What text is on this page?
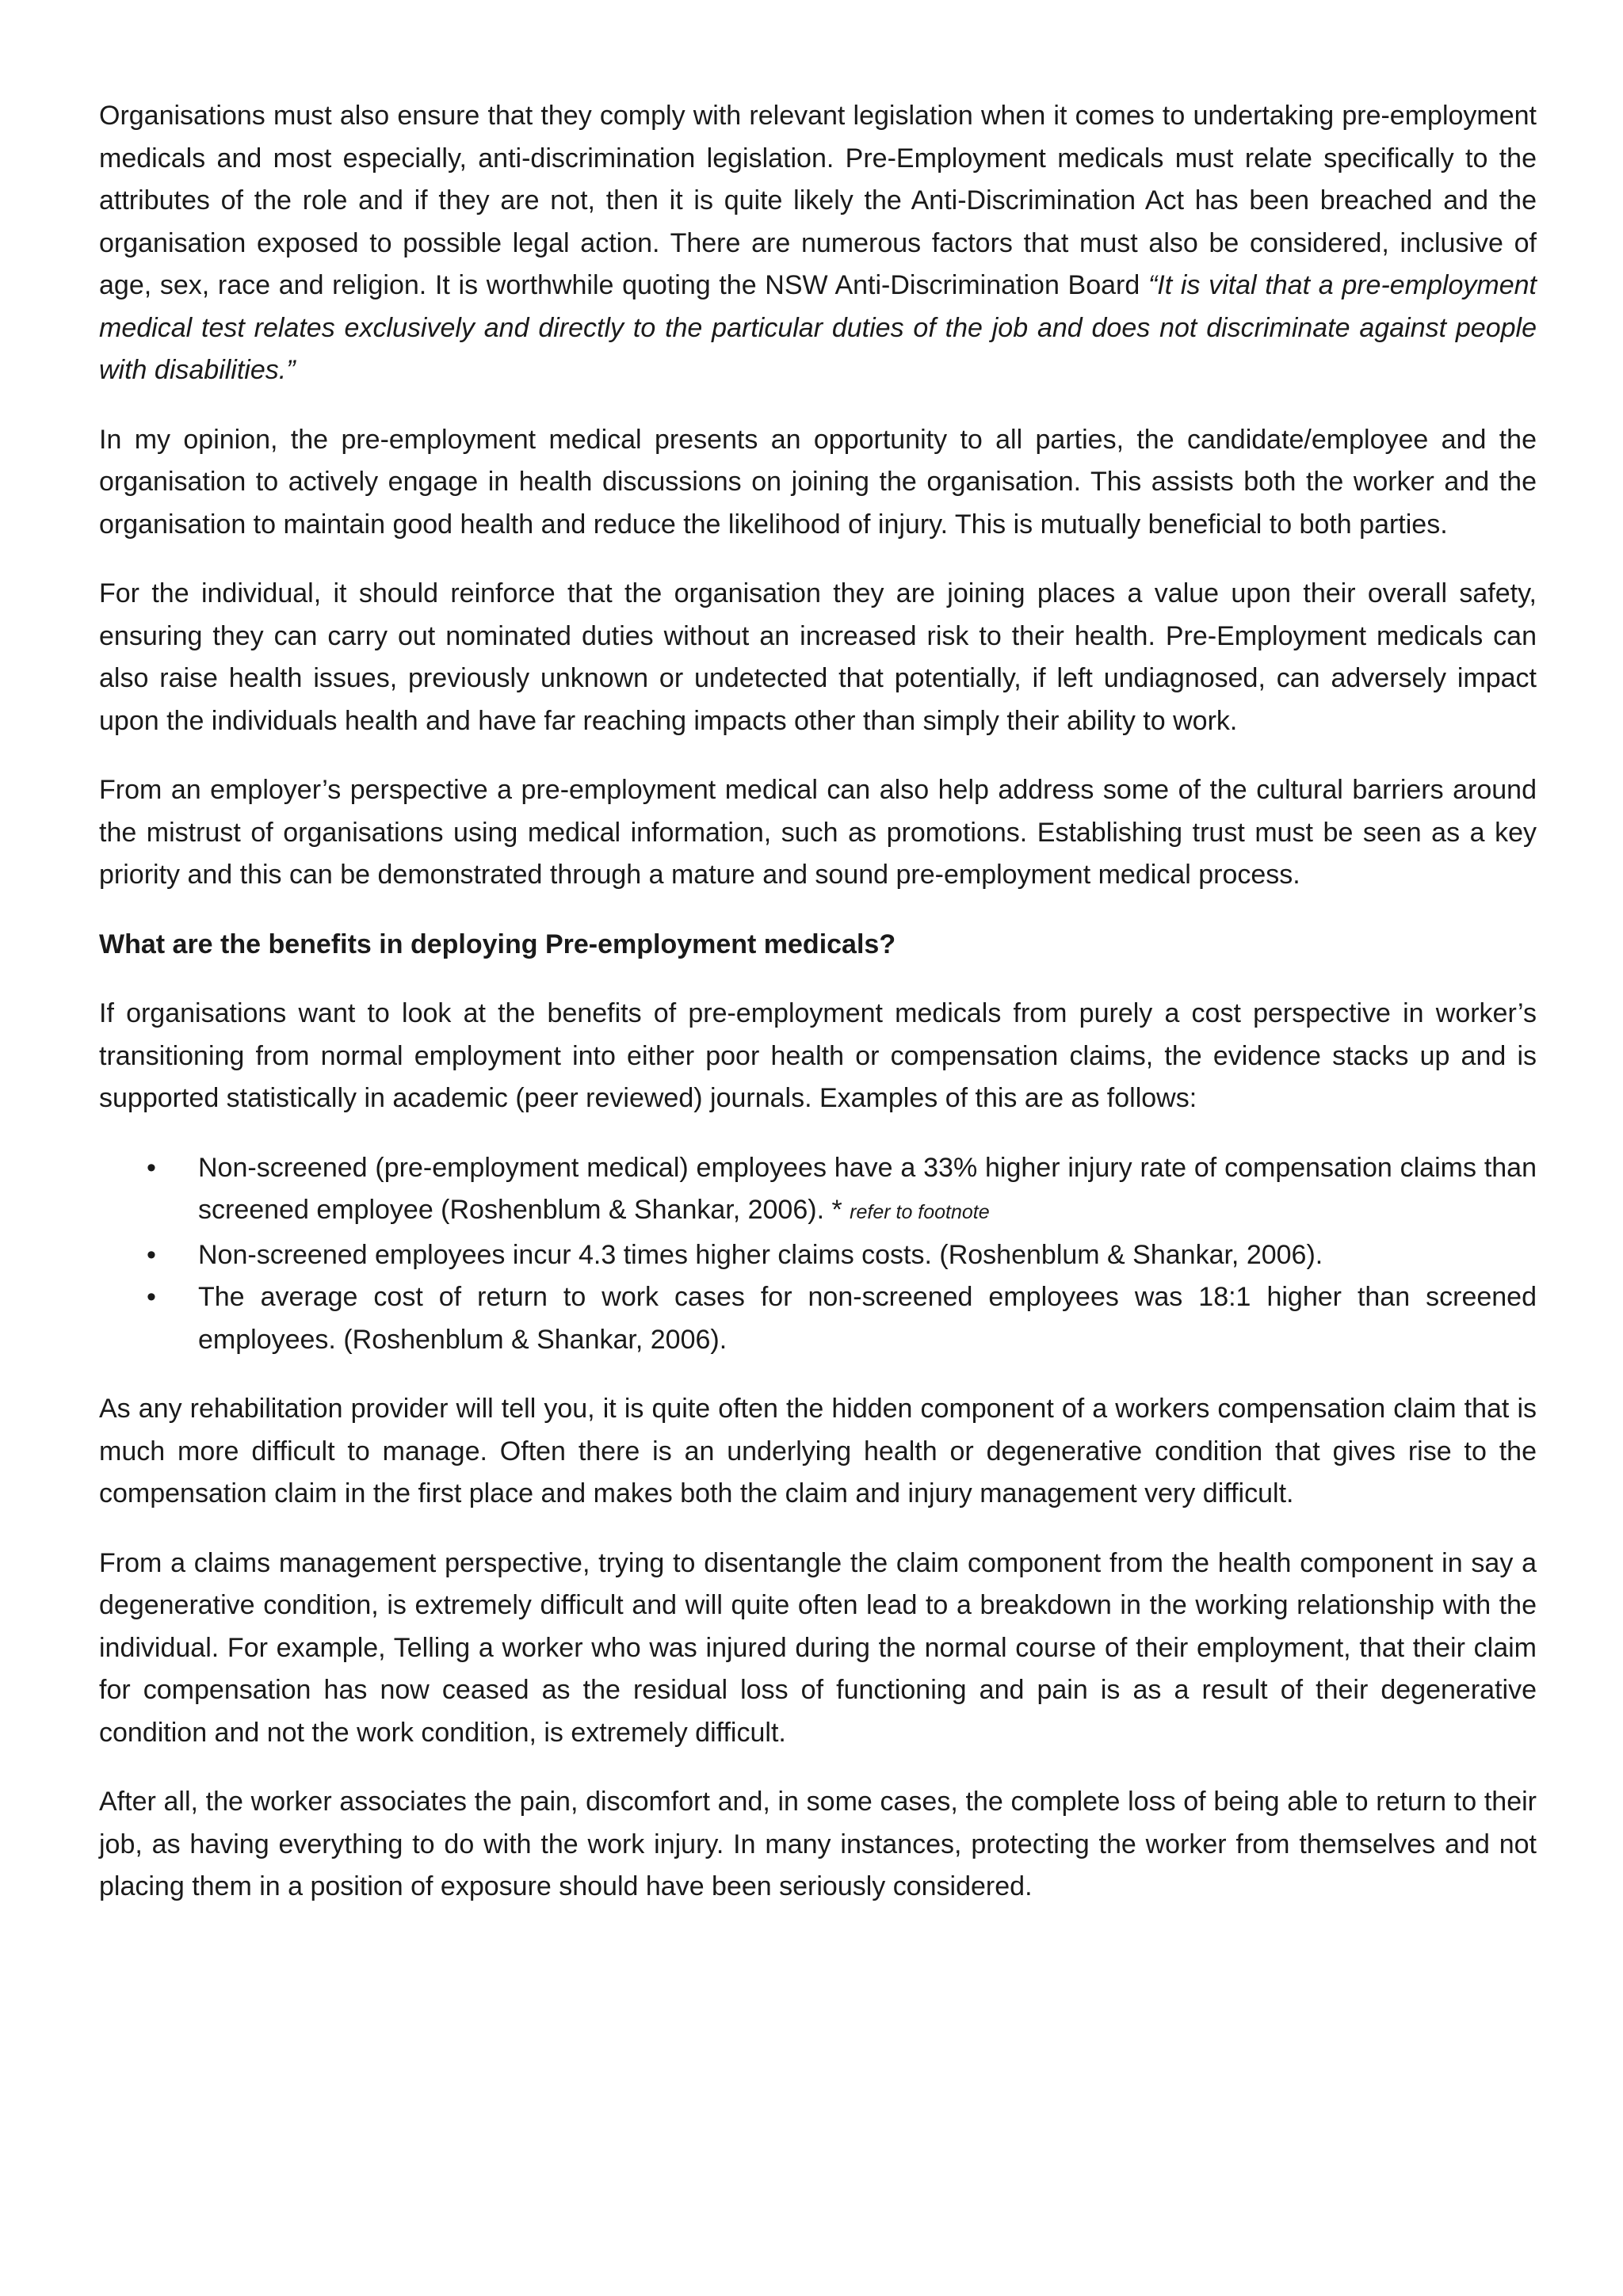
Organisations must also ensure that they comply with relevant legislation when it comes to undertaking pre-employment medicals and most especially, anti-discrimination legislation. Pre-Employment medicals must relate specifically to the attributes of the role and if they are not, then it is quite likely the Anti-Discrimination Act has been breached and the organisation exposed to possible legal action. There are numerous factors that must also be considered, inclusive of age, sex, race and religion. It is worthwhile quoting the NSW Anti-Discrimination Board “It is vital that a pre-employment medical test relates exclusively and directly to the particular duties of the job and does not discriminate against people with disabilities.”

In my opinion, the pre-employment medical presents an opportunity to all parties, the candidate/employee and the organisation to actively engage in health discussions on joining the organisation. This assists both the worker and the organisation to maintain good health and reduce the likelihood of injury. This is mutually beneficial to both parties.

For the individual, it should reinforce that the organisation they are joining places a value upon their overall safety, ensuring they can carry out nominated duties without an increased risk to their health. Pre-Employment medicals can also raise health issues, previously unknown or undetected that potentially, if left undiagnosed, can adversely impact upon the individuals health and have far reaching impacts other than simply their ability to work.

From an employer’s perspective a pre-employment medical can also help address some of the cultural barriers around the mistrust of organisations using medical information, such as promotions. Establishing trust must be seen as a key priority and this can be demonstrated through a mature and sound pre-employment medical process.

What are the benefits in deploying Pre-employment medicals?

If organisations want to look at the benefits of pre-employment medicals from purely a cost perspective in worker’s transitioning from normal employment into either poor health or compensation claims, the evidence stacks up and is supported statistically in academic (peer reviewed) journals. Examples of this are as follows:

• Non-screened (pre-employment medical) employees have a 33% higher injury rate of compensation claims than screened employee (Roshenblum & Shankar, 2006). * refer to footnote
• Non-screened employees incur 4.3 times higher claims costs. (Roshenblum & Shankar, 2006).
• The average cost of return to work cases for non-screened employees was 18:1 higher than screened employees. (Roshenblum & Shankar, 2006).

As any rehabilitation provider will tell you, it is quite often the hidden component of a workers compensation claim that is much more difficult to manage. Often there is an underlying health or degenerative condition that gives rise to the compensation claim in the first place and makes both the claim and injury management very difficult.

From a claims management perspective, trying to disentangle the claim component from the health component in say a degenerative condition, is extremely difficult and will quite often lead to a breakdown in the working relationship with the individual. For example, Telling a worker who was injured during the normal course of their employment, that their claim for compensation has now ceased as the residual loss of functioning and pain is as a result of their degenerative condition and not the work condition, is extremely difficult.

After all, the worker associates the pain, discomfort and, in some cases, the complete loss of being able to return to their job, as having everything to do with the work injury. In many instances, protecting the worker from themselves and not placing them in a position of exposure should have been seriously considered.
